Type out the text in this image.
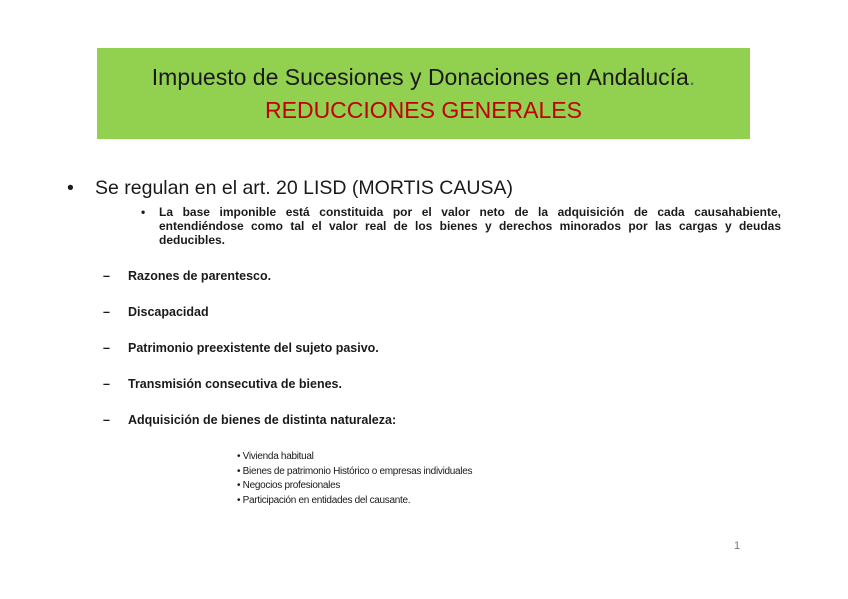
Impuesto de Sucesiones y Donaciones en Andalucía.
REDUCCIONES GENERALES
• Se regulan en el art. 20 LISD (MORTIS CAUSA)
• La base imponible está constituida por el valor neto de la adquisición de cada causahabiente, entendiéndose como tal el valor real de los bienes y derechos minorados por las cargas y deudas deducibles.
– Razones de parentesco.
– Discapacidad
– Patrimonio preexistente del sujeto pasivo.
– Transmisión consecutiva de bienes.
– Adquisición de bienes de distinta naturaleza:
• Vivienda habitual
• Bienes de patrimonio Histórico o empresas individuales
• Negocios profesionales
• Participación en entidades del causante.
1
